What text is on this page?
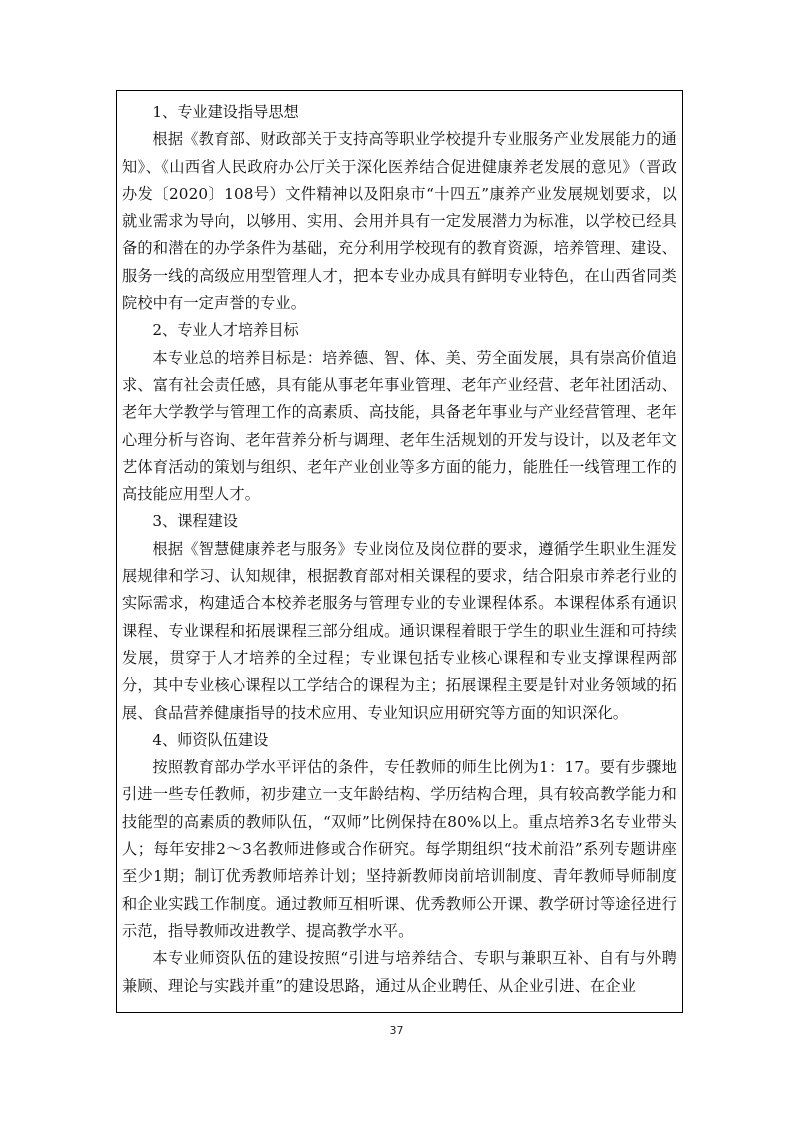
1、专业建设指导思想

根据《教育部、财政部关于支持高等职业学校提升专业服务产业发展能力的通知》、《山西省人民政府办公厅关于深化医养结合促进健康养老发展的意见》（晋政办发〔2020〕108号）文件精神以及阳泉市“十四五”康养产业发展规划要求，以就业需求为导向，以够用、实用、会用并具有一定发展潜力为标准，以学校已经具备的和潜在的办学条件为基础，充分利用学校现有的教育资源，培养管理、建设、服务一线的高级应用型管理人才，把本专业办成具有鲜明专业特色，在山西省同类院校中有一定声誉的专业。

2、专业人才培养目标

本专业总的培养目标是：培养德、智、体、美、劳全面发展，具有崇高价值追求、富有社会责任感，具有能从事老年事业管理、老年产业经营、老年社团活动、老年大学教学与管理工作的高素质、高技能，具备老年事业与产业经营管理、老年心理分析与咨询、老年营养分析与调理、老年生活规划的开发与设计，以及老年文艺体育活动的策划与组织、老年产业创业等多方面的能力，能胜任一线管理工作的高技能应用型人才。

3、课程建设

根据《智慧健康养老与服务》专业岗位及岗位群的要求，遵循学生职业生涯发展规律和学习、认知规律，根据教育部对相关课程的要求，结合阳泉市养老行业的实际需求，构建适合本校养老服务与管理专业的专业课程体系。本课程体系有通识课程、专业课程和拓展课程三部分组成。通识课程着眼于学生的职业生涯和可持续发展，贯穿于人才培养的全过程；专业课包括专业核心课程和专业支撑课程两部分，其中专业核心课程以工学结合的课程为主；拓展课程主要是针对业务领域的拓展、食品营养健康指导的技术应用、专业知识应用研究等方面的知识深化。

4、师资队伍建设

按照教育部办学水平评估的条件，专任教师的师生比例为1：17。要有步骤地引进一些专任教师，初步建立一支年龄结构、学历结构合理，具有较高教学能力和技能型的高素质的教师队伍，“双师”比例保持在80%以上。重点培养3名专业带头人；每年安排2～3名教师进修或合作研究。每学期组织“技术前沿”系列专题讲座至少1期；制订优秀教师培养计划；坚持新教师岗前培训制度、青年教师导师制度和企业实践工作制度。通过教师互相听课、优秀教师公开课、教学研讨等途径进行示范，指导教师改进教学、提高教学水平。

本专业师资队伍的建设按照“引进与培养结合、专职与兼职互补、自有与外聘兼顾、理论与实践并重”的建设思路，通过从企业聘任、从企业引进、在企业

37
